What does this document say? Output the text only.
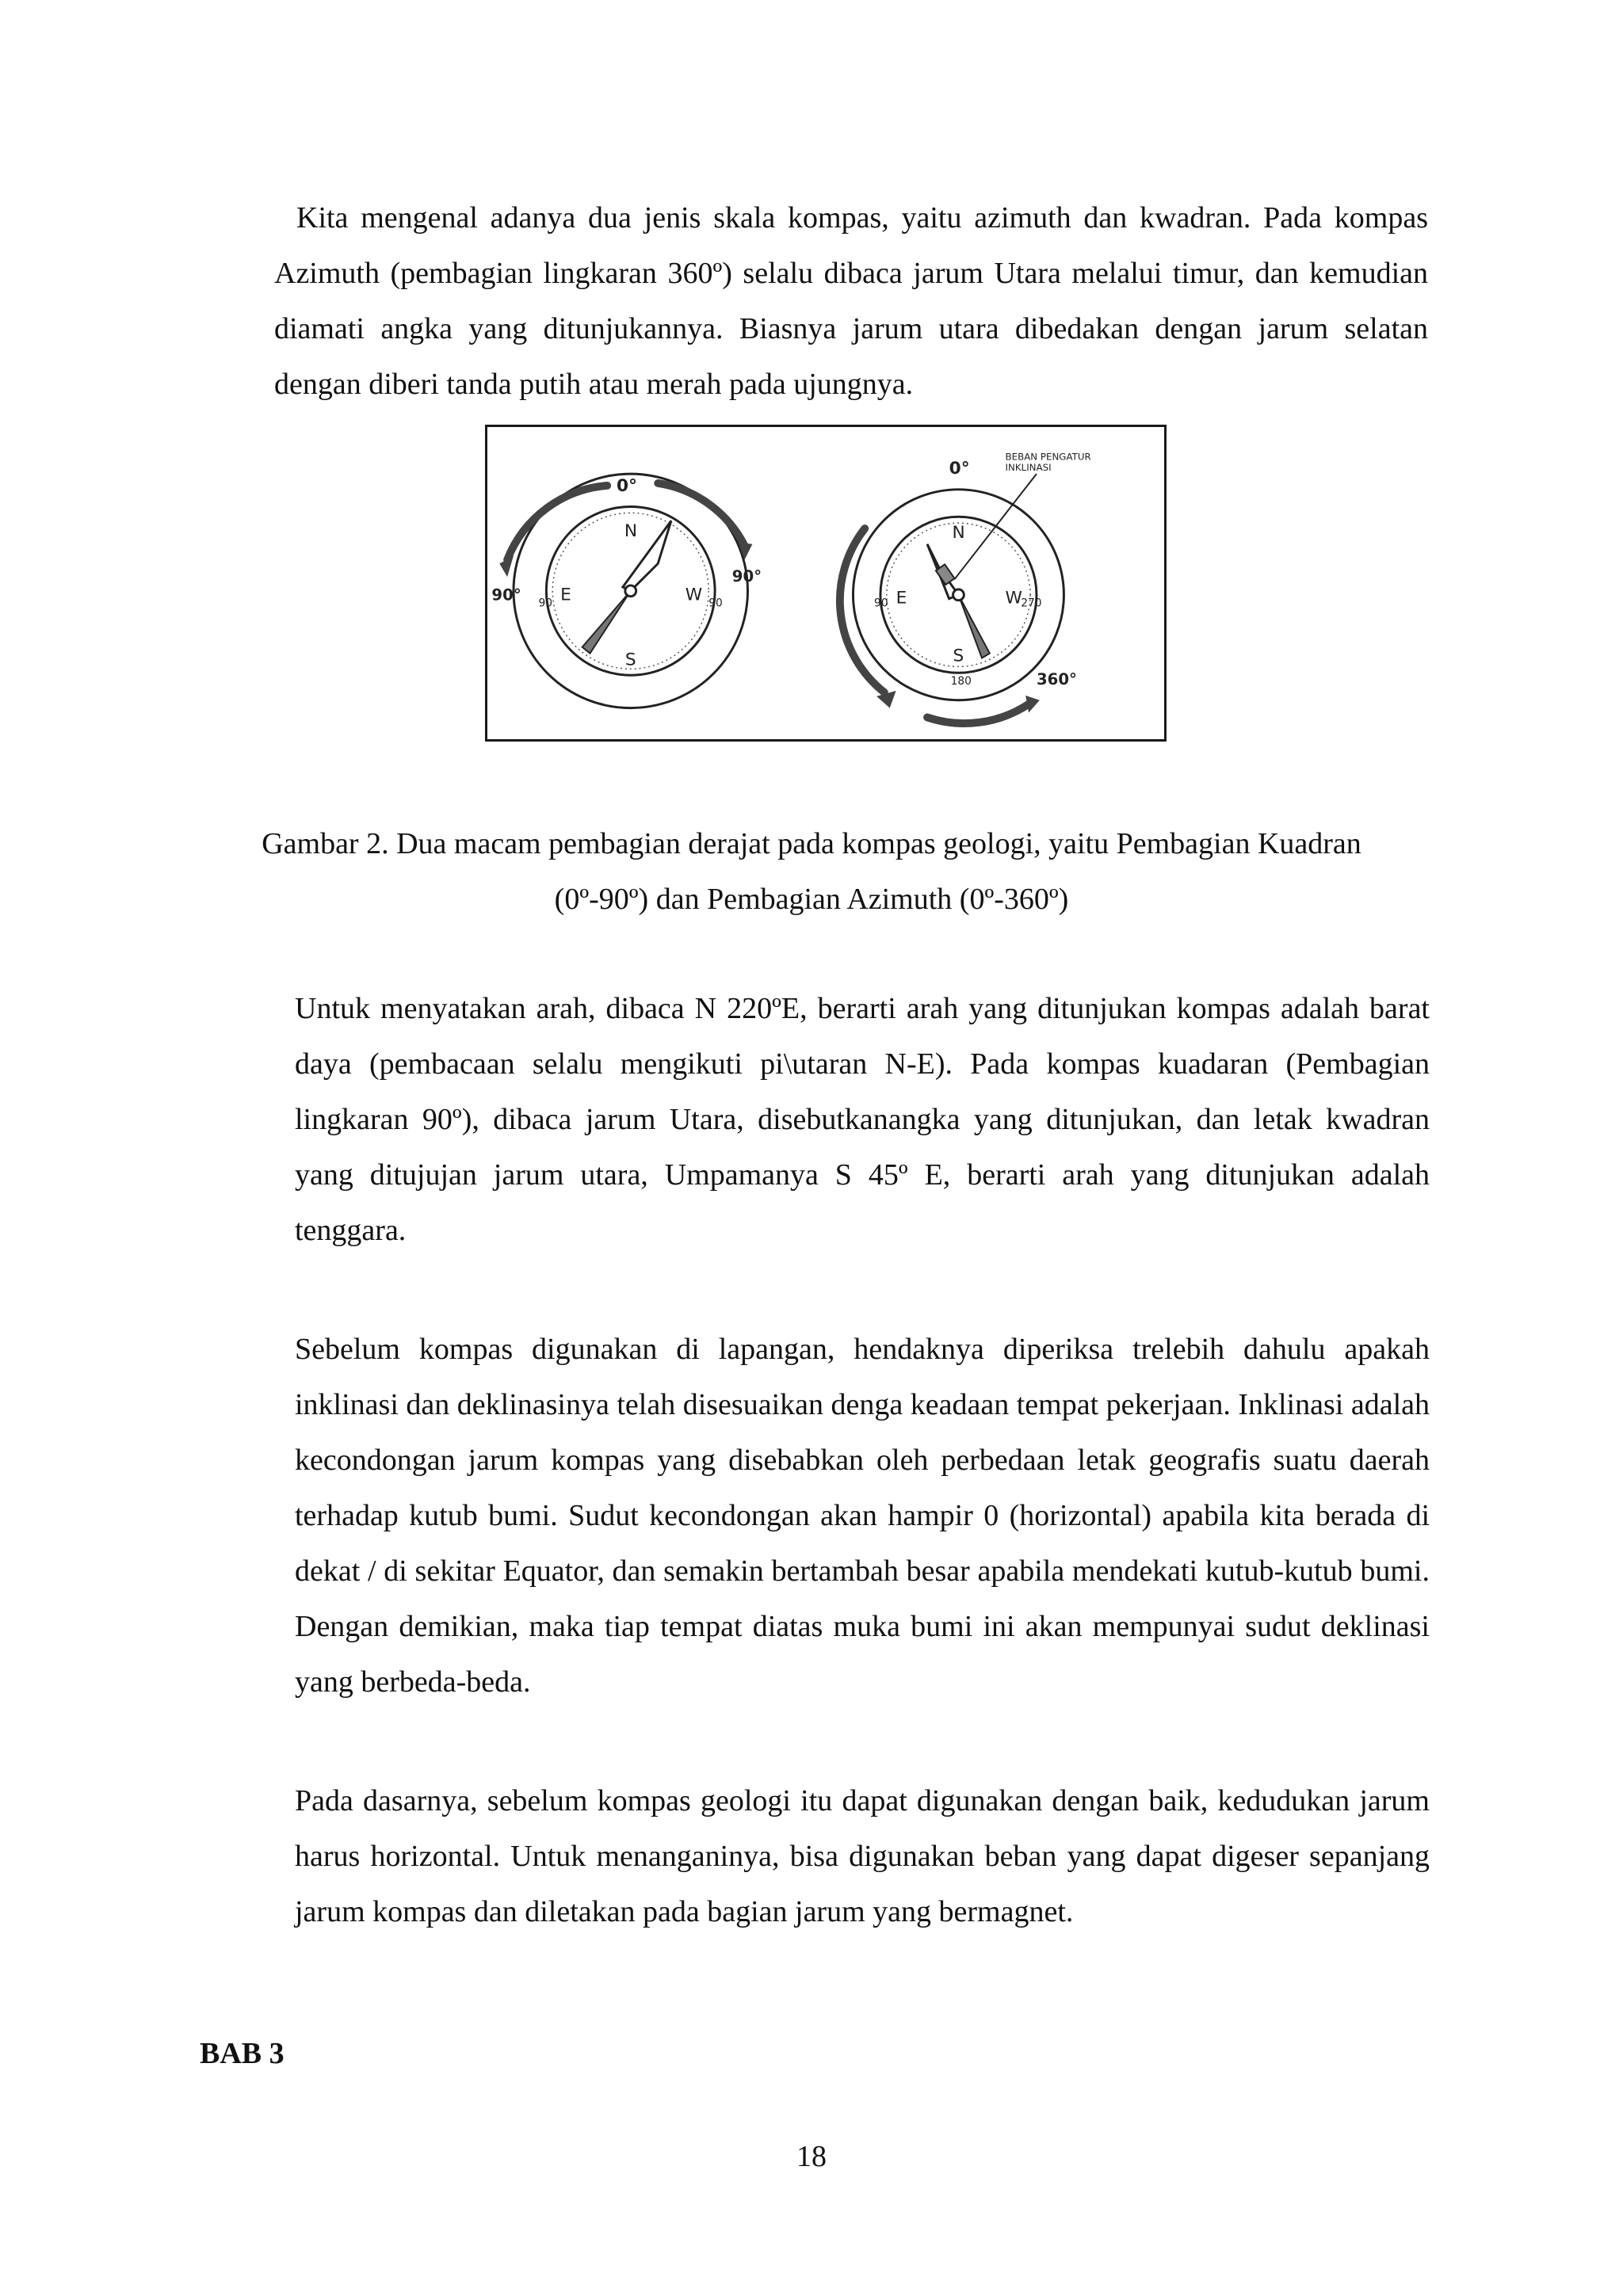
Kita mengenal adanya dua jenis skala kompas, yaitu azimuth dan kwadran. Pada kompas Azimuth (pembagian lingkaran 360º) selalu dibaca jarum Utara melalui timur, dan kemudian diamati angka yang ditunjukannya. Biasnya jarum utara dibedakan dengan jarum selatan dengan diberi tanda putih atau merah pada ujungnya.

0°
90°
90°
N
S
E	W
90	90
0°
360°
N
S
E	W
90	270
180
BEBAN PENGATUR
INKLINASI
Gambar 2. Dua macam pembagian derajat pada kompas geologi, yaitu Pembagian Kuadran
(0º-90º) dan Pembagian Azimuth (0º-360º)

Untuk menyatakan arah, dibaca N 220ºE, berarti arah yang ditunjukan kompas adalah barat daya (pembacaan selalu mengikuti pi\utaran N-E). Pada kompas kuadaran (Pembagian lingkaran 90º), dibaca jarum Utara, disebutkanangka yang ditunjukan, dan letak kwadran yang ditujujan jarum utara, Umpamanya S 45º E, berarti arah yang ditunjukan adalah tenggara.

Sebelum kompas digunakan di lapangan, hendaknya diperiksa trelebih dahulu apakah inklinasi dan deklinasinya telah disesuaikan denga keadaan tempat pekerjaan. Inklinasi adalah kecondongan jarum kompas yang disebabkan oleh perbedaan letak geografis suatu daerah terhadap kutub bumi. Sudut kecondongan akan hampir 0 (horizontal) apabila kita berada di dekat / di sekitar Equator, dan semakin bertambah besar apabila mendekati kutub-kutub bumi. Dengan demikian, maka tiap tempat diatas muka bumi ini akan mempunyai sudut deklinasi yang berbeda-beda.

Pada dasarnya, sebelum kompas geologi itu dapat digunakan dengan baik, kedudukan jarum harus horizontal. Untuk menanganinya, bisa digunakan beban yang dapat digeser sepanjang jarum kompas dan diletakan pada bagian jarum yang bermagnet.

BAB 3
18
